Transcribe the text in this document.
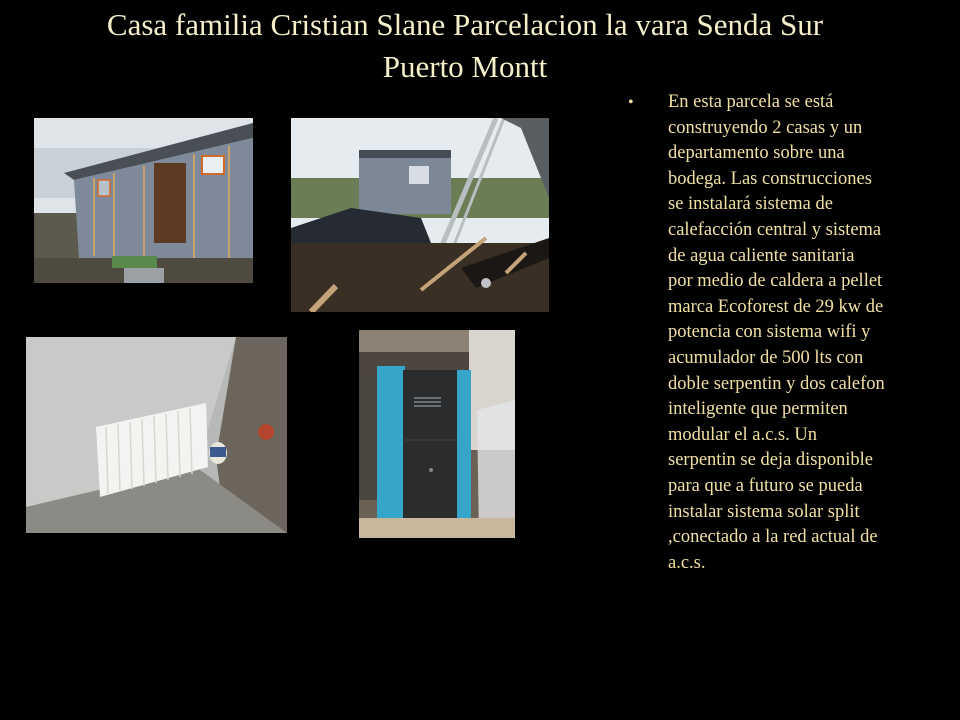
Casa familia Cristian Slane Parcelacion la vara Senda Sur
Puerto Montt
• En esta parcela se está
construyendo 2 casas y un
departamento sobre una
bodega. Las construcciones
se instalará sistema de
calefacción central y sistema
de agua caliente sanitaria
por medio de caldera a pellet
marca Ecoforest de 29 kw de
potencia con sistema wifi y
acumulador de 500 lts con
doble serpentin y dos calefon
inteligente que permiten
modular el a.c.s. Un
serpentin se deja disponible
para que a futuro se pueda
instalar sistema solar split
,conectado a la red actual de
a.c.s.
